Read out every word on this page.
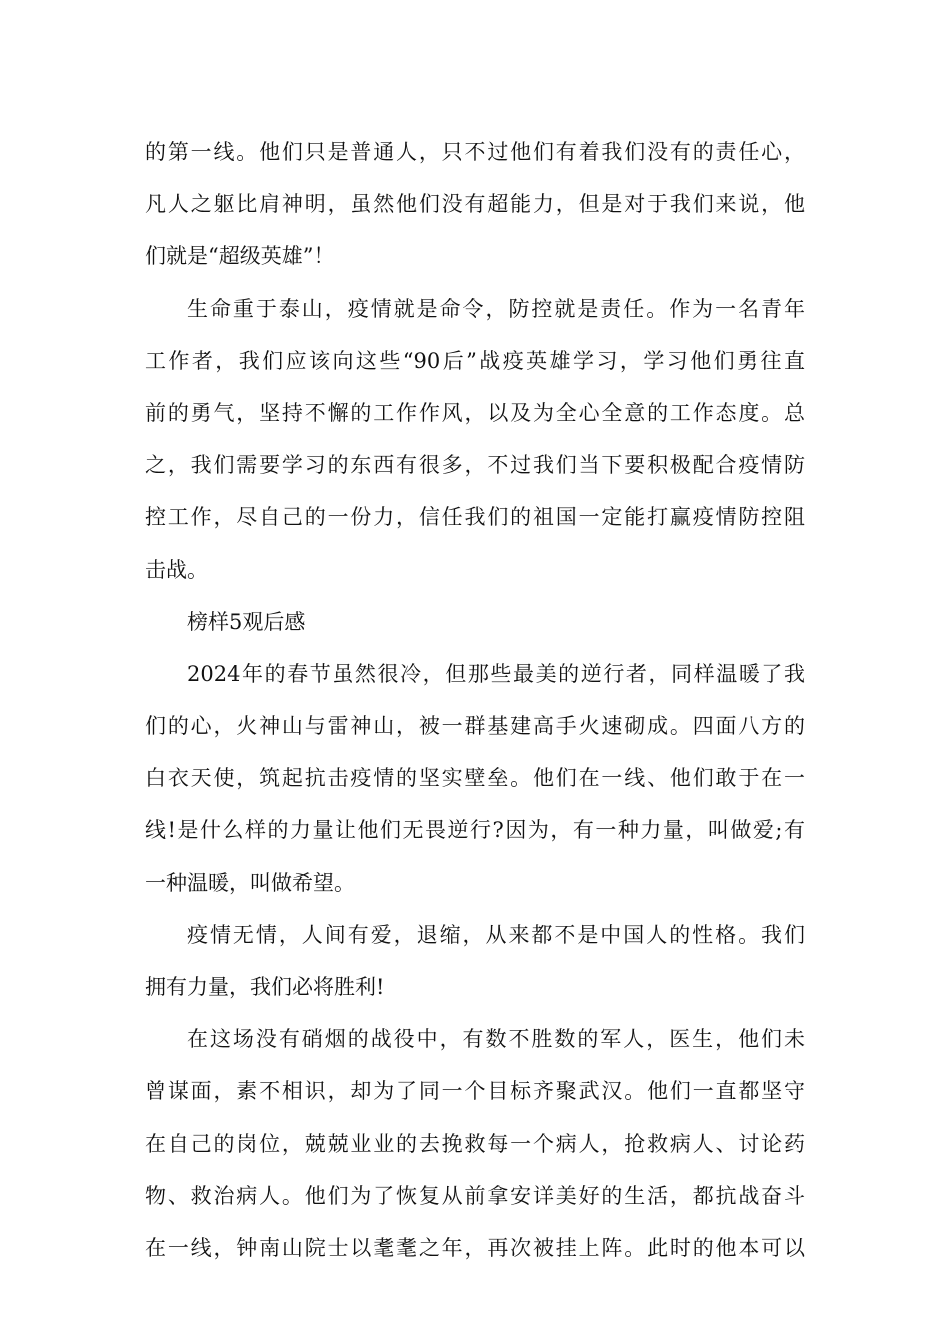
的第一线。他们只是普通人，只不过他们有着我们没有的责任心，
凡人之躯比肩神明，虽然他们没有超能力，但是对于我们来说，他
们就是“超级英雄”！
生命重于泰山，疫情就是命令，防控就是责任。作为一名青年
工作者，我们应该向这些“90后”战疫英雄学习，学习他们勇往直
前的勇气，坚持不懈的工作作风，以及为全心全意的工作态度。总
之，我们需要学习的东西有很多，不过我们当下要积极配合疫情防
控工作，尽自己的一份力，信任我们的祖国一定能打赢疫情防控阻
击战。
榜样5观后感
2024年的春节虽然很冷，但那些最美的逆行者，同样温暖了我
们的心，火神山与雷神山，被一群基建高手火速砌成。四面八方的
白衣天使，筑起抗击疫情的坚实壁垒。他们在一线、他们敢于在一
线!是什么样的力量让他们无畏逆行?因为，有一种力量，叫做爱;有
一种温暖，叫做希望。
疫情无情，人间有爱，退缩，从来都不是中国人的性格。我们
拥有力量，我们必将胜利!
在这场没有硝烟的战役中，有数不胜数的军人，医生，他们未
曾谋面，素不相识，却为了同一个目标齐聚武汉。他们一直都坚守
在自己的岗位，兢兢业业的去挽救每一个病人，抢救病人、讨论药
物、救治病人。他们为了恢复从前拿安详美好的生活，都抗战奋斗
在一线，钟南山院士以耄耄之年，再次被挂上阵。此时的他本可以
